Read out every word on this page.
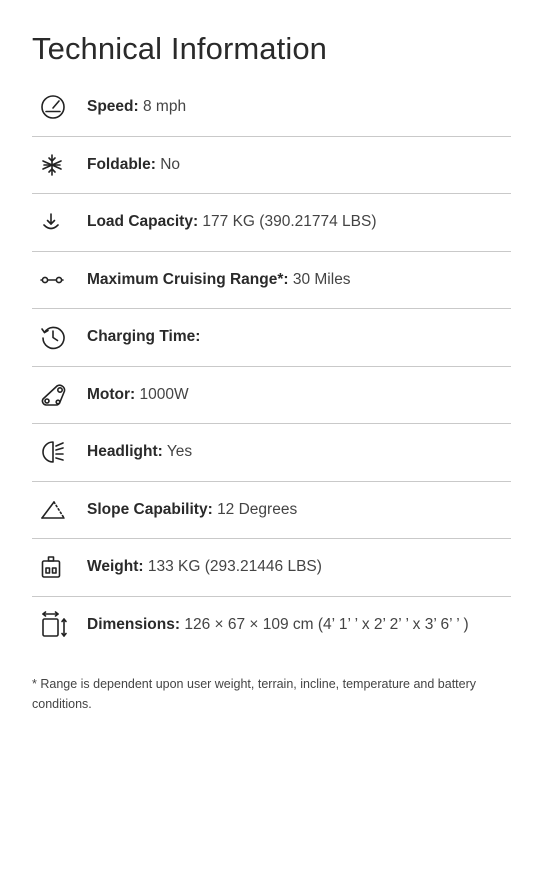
Technical Information
Speed: 8 mph
Foldable: No
Load Capacity: 177 KG (390.21774 LBS)
Maximum Cruising Range*: 30 Miles
Charging Time:
Motor: 1000W
Headlight: Yes
Slope Capability: 12 Degrees
Weight: 133 KG (293.21446 LBS)
Dimensions: 126 × 67 × 109 cm (4’ 1’ ’ x 2’ 2’ ’ x 3’ 6’ ’ )

* Range is dependent upon user weight, terrain, incline, temperature and battery conditions.
